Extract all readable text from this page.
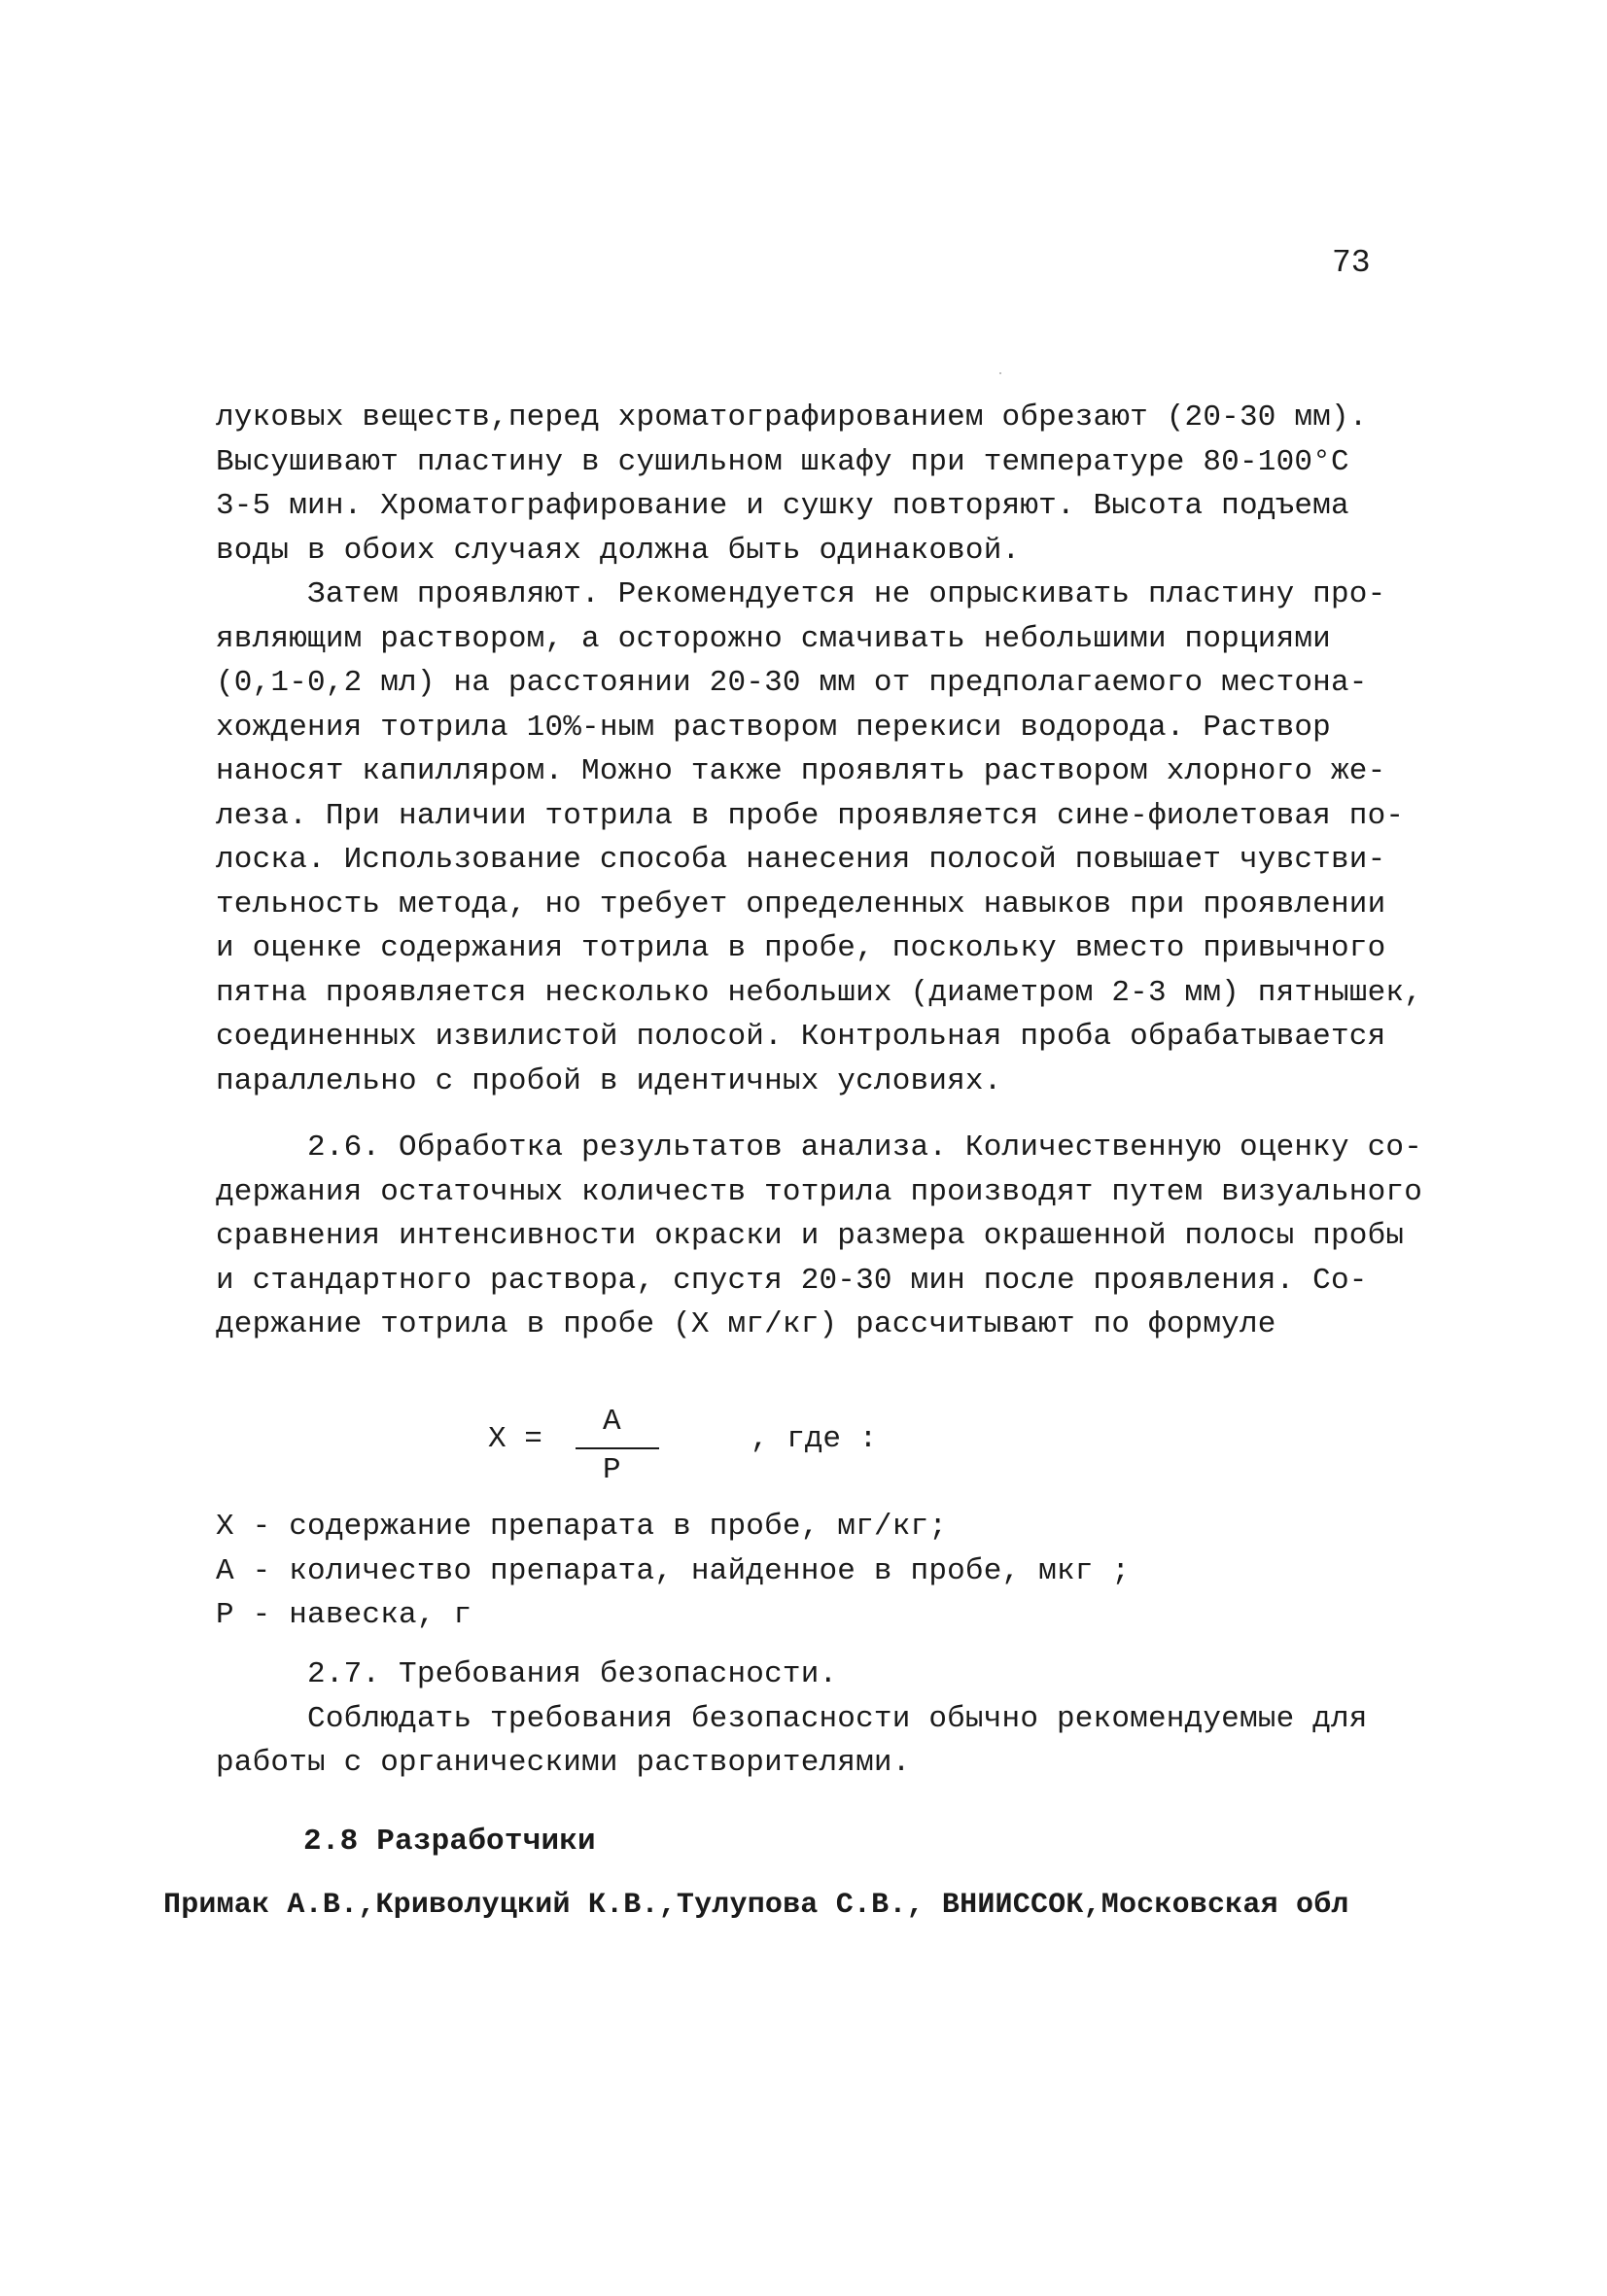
73
луковых веществ,перед хроматографированием обрезают (20-30 мм).
Высушивают пластину в сушильном шкафу при температуре 80-100°С
3-5 мин. Хроматографирование и сушку повторяют. Высота подъема
воды в обоих случаях должна быть одинаковой.
Затем проявляют. Рекомендуется не опрыскивать пластину про-
являющим раствором, а осторожно смачивать небольшими порциями
(0,1-0,2 мл) на расстоянии 20-30 мм от предполагаемого местона-
хождения тотрила 10%-ным раствором перекиси водорода. Раствор
наносят капилляром. Можно также проявлять раствором хлорного же-
леза. При наличии тотрила в пробе проявляется сине-фиолетовая по-
лоска. Использование способа нанесения полосой повышает чувстви-
тельность метода, но требует определенных навыков при проявлении
и оценке содержания тотрила в пробе, поскольку вместо привычного
пятна проявляется несколько небольших (диаметром 2-3 мм) пятнышек,
соединенных извилистой полосой. Контрольная проба обрабатывается
параллельно с пробой в идентичных условиях.
2.6. Обработка результатов анализа. Количественную оценку со-
держания остаточных количеств тотрила производят путем визуального
сравнения интенсивности окраски и размера окрашенной полосы пробы
и стандартного раствора, спустя 20-30 мин после проявления. Со-
держание тотрила в пробе (Х мг/кг) рассчитывают по формуле
Х =
А
Р
, где :
Х - содержание препарата в пробе, мг/кг;
А - количество препарата, найденное в пробе, мкг ;
Р - навеска, г
2.7. Требования безопасности.
Соблюдать требования безопасности обычно рекомендуемые для
работы с органическими растворителями.
2.8 Разработчики
Примак А.В.,Криволуцкий К.В.,Тулупова С.В., ВНИИССОК,Московская обл
